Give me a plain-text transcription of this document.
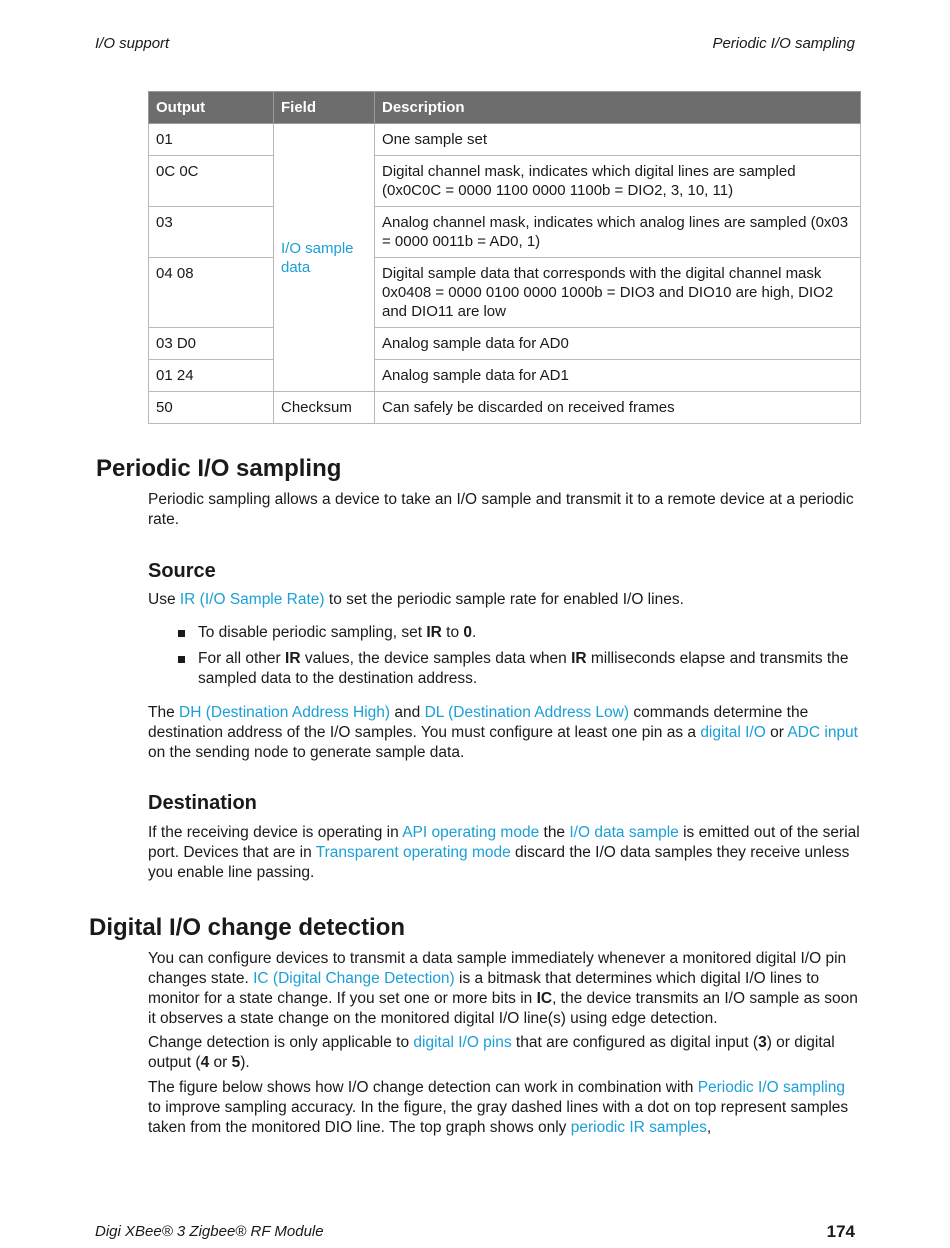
I/O support	Periodic I/O sampling
Output	Field	Description
01	I/O sample data	One sample set
0C 0C		Digital channel mask, indicates which digital lines are sampled (0x0C0C = 0000 1100 0000 1100b = DIO2, 3, 10, 11)
03		Analog channel mask, indicates which analog lines are sampled (0x03 = 0000 0011b = AD0, 1)
04 08		Digital sample data that corresponds with the digital channel mask 0x0408 = 0000 0100 0000 1000b = DIO3 and DIO10 are high, DIO2 and DIO11 are low
03 D0		Analog sample data for AD0
01 24		Analog sample data for AD1
50	Checksum	Can safely be discarded on received frames
Periodic I/O sampling

Periodic sampling allows a device to take an I/O sample and transmit it to a remote device at a periodic rate.

Source

Use IR (I/O Sample Rate) to set the periodic sample rate for enabled I/O lines.

To disable periodic sampling, set IR to 0.
For all other IR values, the device samples data when IR milliseconds elapse and transmits the sampled data to the destination address.

The DH (Destination Address High) and DL (Destination Address Low) commands determine the destination address of the I/O samples. You must configure at least one pin as a digital I/O or ADC input on the sending node to generate sample data.

Destination

If the receiving device is operating in API operating mode the I/O data sample is emitted out of the serial port. Devices that are in Transparent operating mode discard the I/O data samples they receive unless you enable line passing.

Digital I/O change detection

You can configure devices to transmit a data sample immediately whenever a monitored digital I/O pin changes state. IC (Digital Change Detection) is a bitmask that determines which digital I/O lines to monitor for a state change. If you set one or more bits in IC, the device transmits an I/O sample as soon it observes a state change on the monitored digital I/O line(s) using edge detection.

Change detection is only applicable to digital I/O pins that are configured as digital input (3) or digital output (4 or 5).

The figure below shows how I/O change detection can work in combination with Periodic I/O sampling to improve sampling accuracy. In the figure, the gray dashed lines with a dot on top represent samples taken from the monitored DIO line. The top graph shows only periodic IR samples,

Digi XBee® 3 Zigbee® RF Module	174
